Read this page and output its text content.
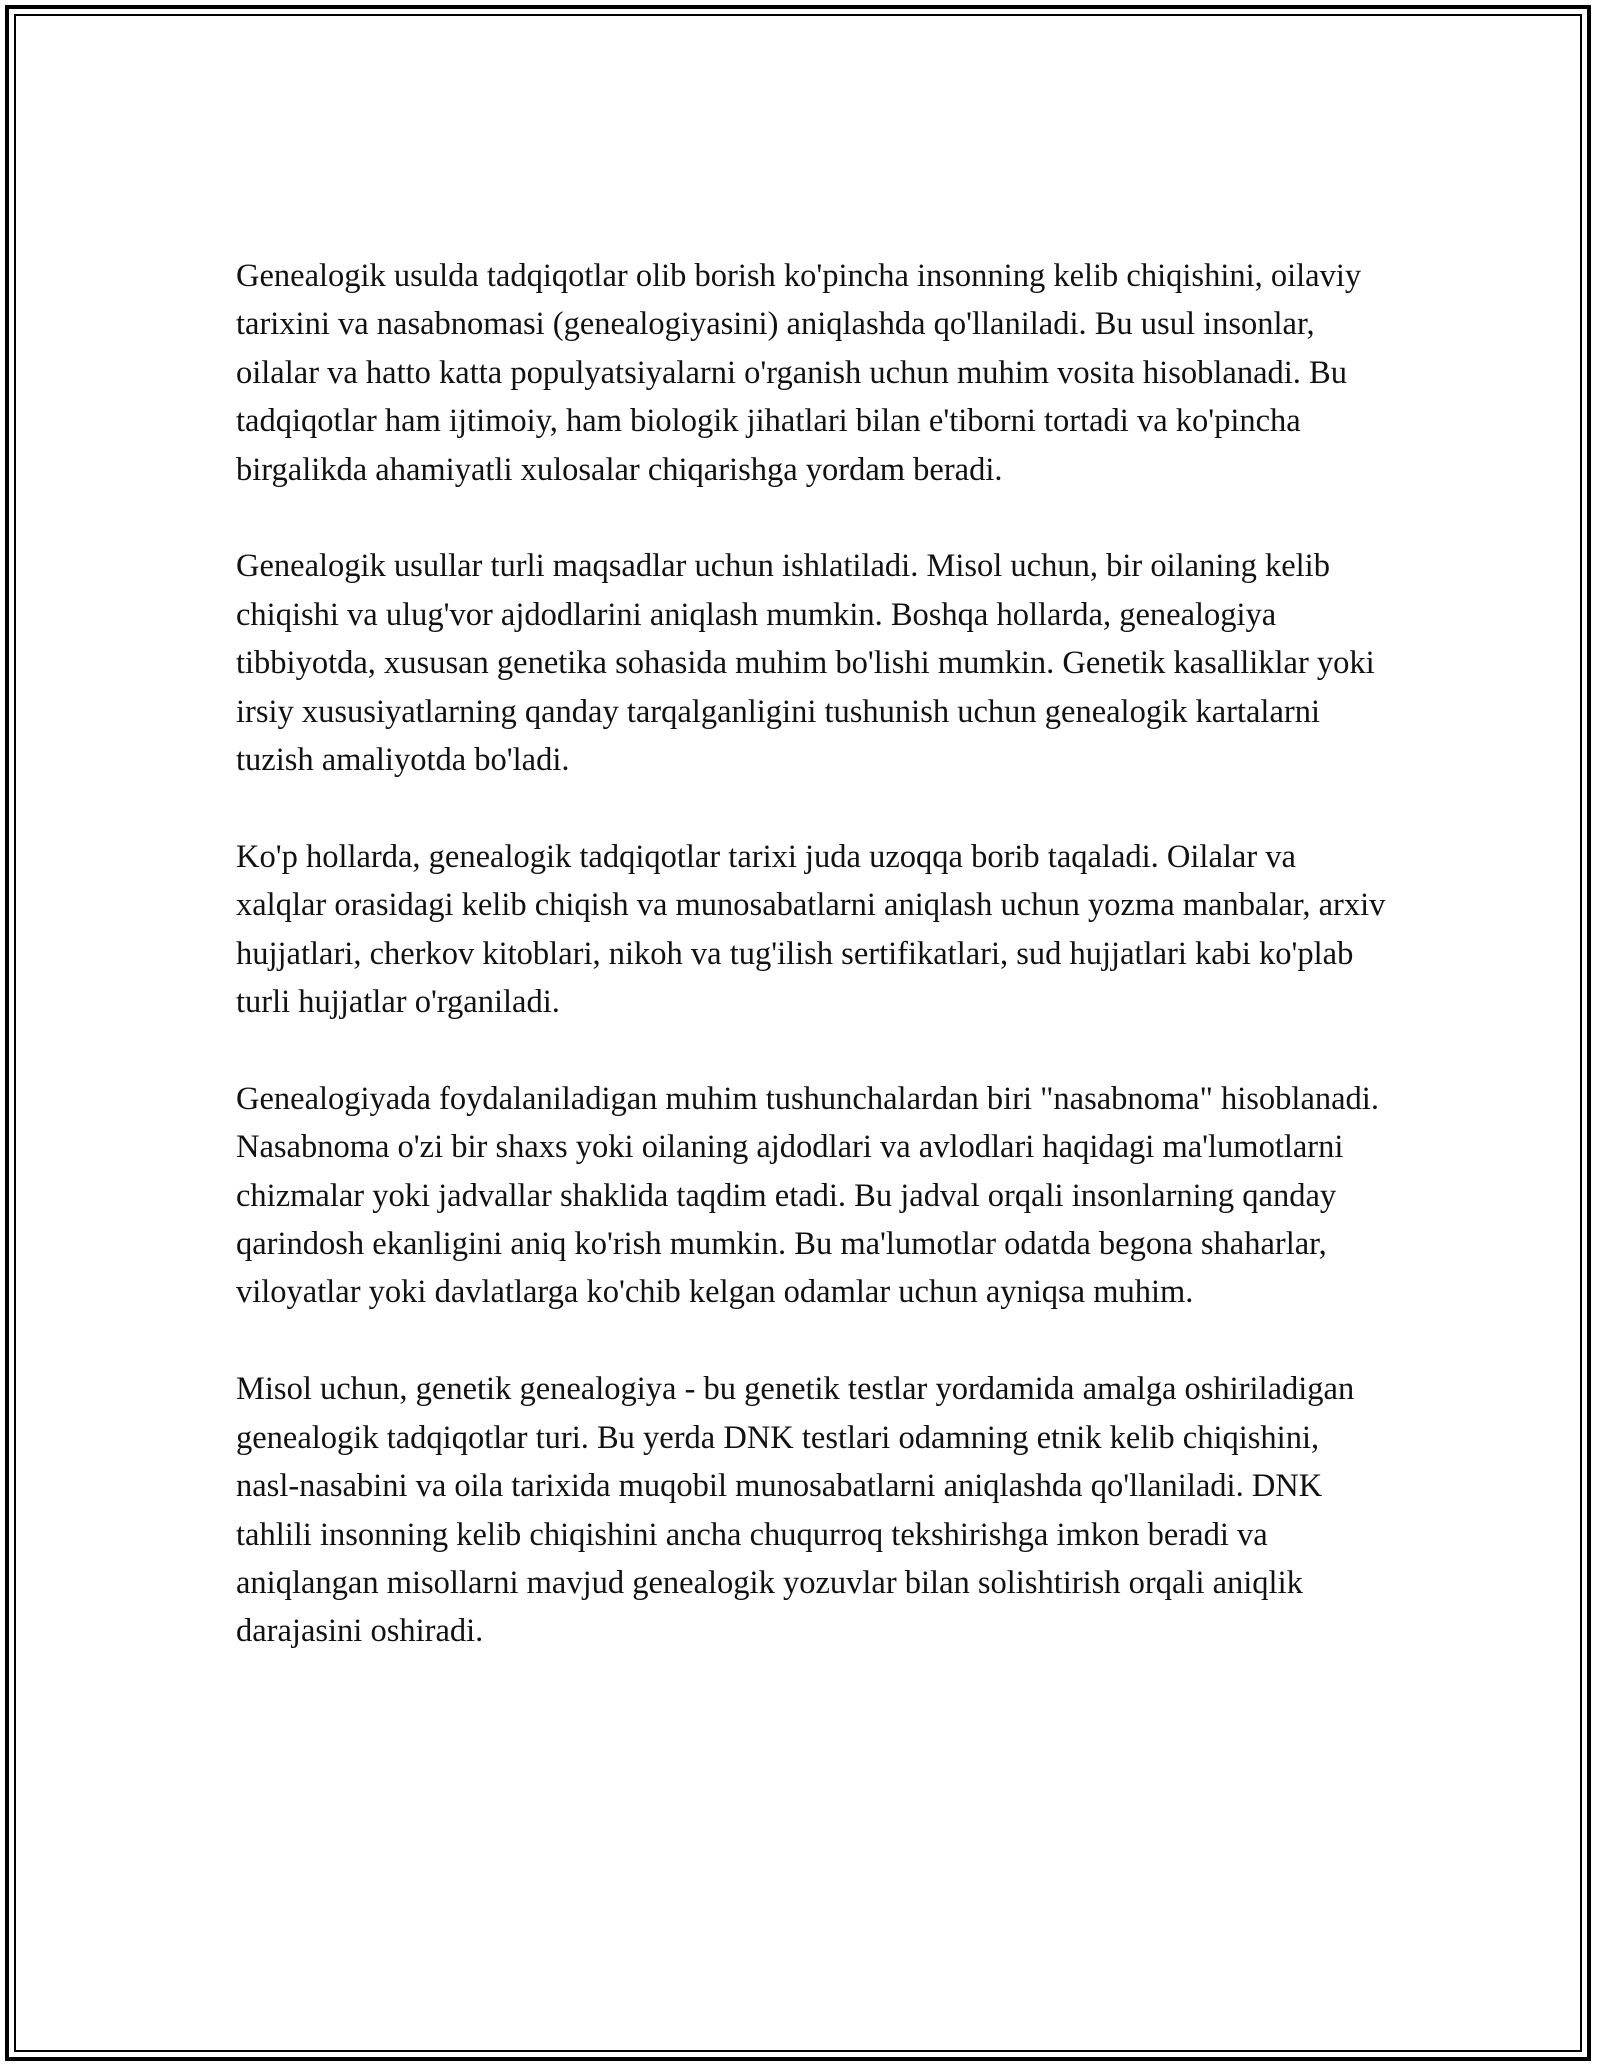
Genealogik usulda tadqiqotlar olib borish ko'pincha insonning kelib chiqishini, oilaviy tarixini va nasabnomasi (genealogiyasini) aniqlashda qo'llaniladi. Bu usul insonlar, oilalar va hatto katta populyatsiyalarni o'rganish uchun muhim vosita hisoblanadi. Bu tadqiqotlar ham ijtimoiy, ham biologik jihatlari bilan e'tiborni tortadi va ko'pincha birgalikda ahamiyatli xulosalar chiqarishga yordam beradi.

Genealogik usullar turli maqsadlar uchun ishlatiladi. Misol uchun, bir oilaning kelib chiqishi va ulug'vor ajdodlarini aniqlash mumkin. Boshqa hollarda, genealogiya tibbiyotda, xususan genetika sohasida muhim bo'lishi mumkin. Genetik kasalliklar yoki irsiy xususiyatlarning qanday tarqalganligini tushunish uchun genealogik kartalarni tuzish amaliyotda bo'ladi.

Ko'p hollarda, genealogik tadqiqotlar tarixi juda uzoqqa borib taqaladi. Oilalar va xalqlar orasidagi kelib chiqish va munosabatlarni aniqlash uchun yozma manbalar, arxiv hujjatlari, cherkov kitoblari, nikoh va tug'ilish sertifikatlari, sud hujjatlari kabi ko'plab turli hujjatlar o'rganiladi.

Genealogiyada foydalaniladigan muhim tushunchalardan biri "nasabnoma" hisoblanadi. Nasabnoma o'zi bir shaxs yoki oilaning ajdodlari va avlodlari haqidagi ma'lumotlarni chizmalar yoki jadvallar shaklida taqdim etadi. Bu jadval orqali insonlarning qanday qarindosh ekanligini aniq ko'rish mumkin. Bu ma'lumotlar odatda begona shaharlar, viloyatlar yoki davlatlarga ko'chib kelgan odamlar uchun ayniqsa muhim.

Misol uchun, genetik genealogiya - bu genetik testlar yordamida amalga oshiriladigan genealogik tadqiqotlar turi. Bu yerda DNK testlari odamning etnik kelib chiqishini, nasl-nasabini va oila tarixida muqobil munosabatlarni aniqlashda qo'llaniladi. DNK tahlili insonning kelib chiqishini ancha chuqurroq tekshirishga imkon beradi va aniqlangan misollarni mavjud genealogik yozuvlar bilan solishtirish orqali aniqlik darajasini oshiradi.
